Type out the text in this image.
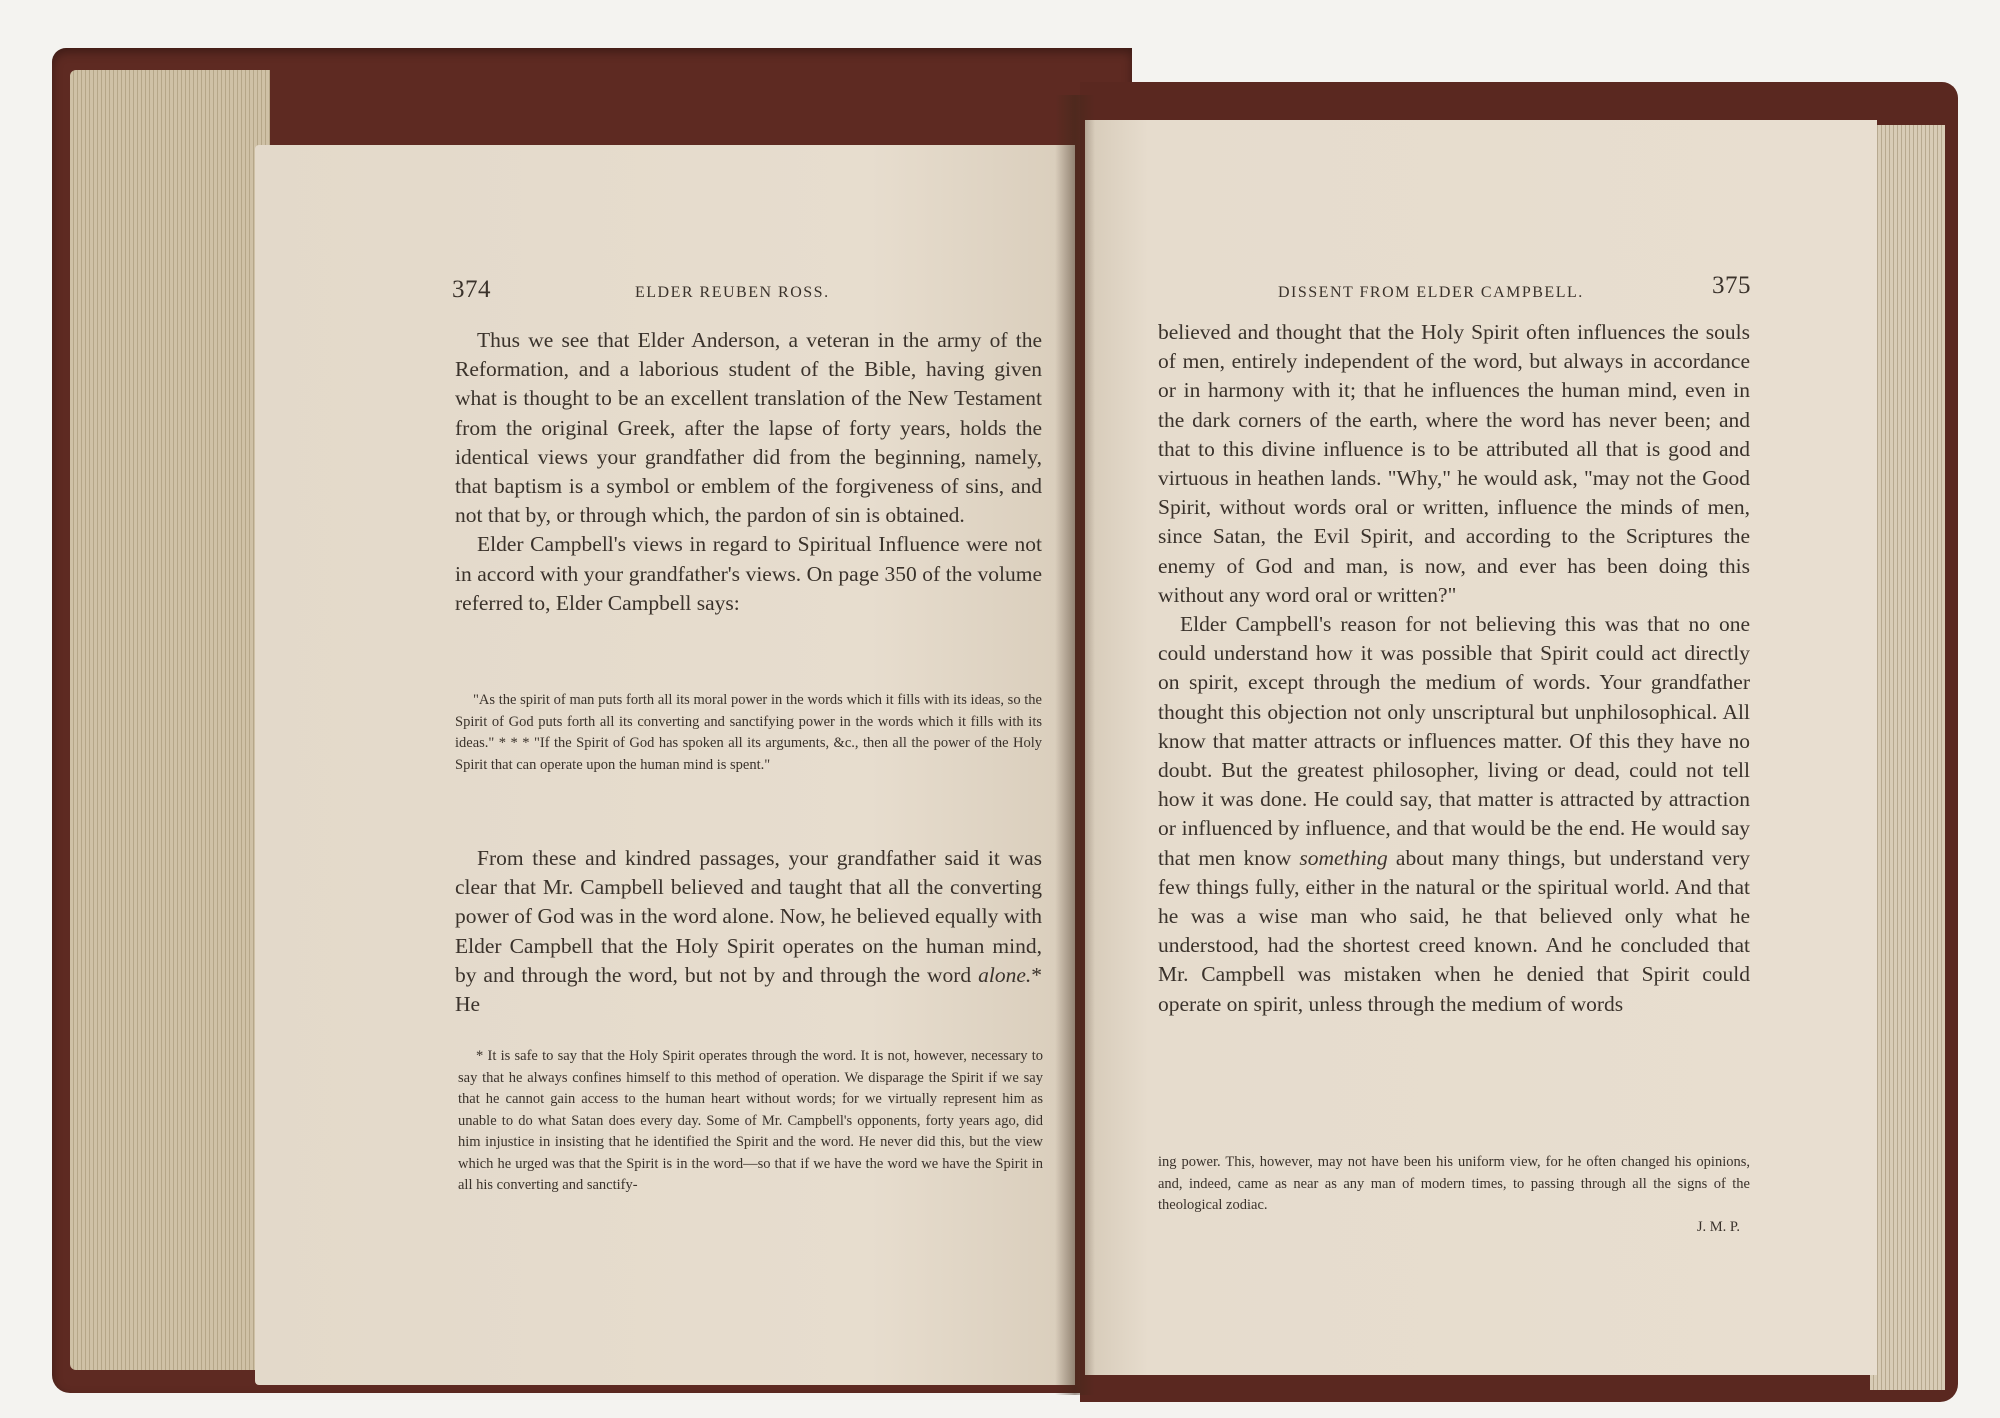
374	ELDER REUBEN ROSS.

Thus we see that Elder Anderson, a veteran in the army of the Reformation, and a laborious student of the Bible, having given what is thought to be an excellent translation of the New Testament from the original Greek, after the lapse of forty years, holds the identical views your grandfather did from the beginning, namely, that baptism is a symbol or emblem of the forgiveness of sins, and not that by, or through which, the pardon of sin is obtained.

Elder Campbell's views in regard to Spiritual Influence were not in accord with your grandfather's views. On page 350 of the volume referred to, Elder Campbell says:

"As the spirit of man puts forth all its moral power in the words which it fills with its ideas, so the Spirit of God puts forth all its converting and sanctifying power in the words which it fills with its ideas." * * * "If the Spirit of God has spoken all its arguments, &c., then all the power of the Holy Spirit that can operate upon the human mind is spent."

From these and kindred passages, your grandfather said it was clear that Mr. Campbell believed and taught that all the converting power of God was in the word alone. Now, he believed equally with Elder Campbell that the Holy Spirit operates on the human mind, by and through the word, but not by and through the word alone.* He

* It is safe to say that the Holy Spirit operates through the word. It is not, however, necessary to say that he always confines himself to this method of operation. We disparage the Spirit if we say that he cannot gain access to the human heart without words; for we virtually represent him as unable to do what Satan does every day. Some of Mr. Campbell's opponents, forty years ago, did him injustice in insisting that he identified the Spirit and the word. He never did this, but the view which he urged was that the Spirit is in the word—so that if we have the word we have the Spirit in all his converting and sanctify-

DISSENT FROM ELDER CAMPBELL.	375

believed and thought that the Holy Spirit often influences the souls of men, entirely independent of the word, but always in accordance or in harmony with it; that he influences the human mind, even in the dark corners of the earth, where the word has never been; and that to this divine influence is to be attributed all that is good and virtuous in heathen lands. "Why," he would ask, "may not the Good Spirit, without words oral or written, influence the minds of men, since Satan, the Evil Spirit, and according to the Scriptures the enemy of God and man, is now, and ever has been doing this without any word oral or written?"

Elder Campbell's reason for not believing this was that no one could understand how it was possible that Spirit could act directly on spirit, except through the medium of words. Your grandfather thought this objection not only unscriptural but unphilosophical. All know that matter attracts or influences matter. Of this they have no doubt. But the greatest philosopher, living or dead, could not tell how it was done. He could say, that matter is attracted by attraction or influenced by influence, and that would be the end. He would say that men know something about many things, but understand very few things fully, either in the natural or the spiritual world. And that he was a wise man who said, he that believed only what he understood, had the shortest creed known. And he concluded that Mr. Campbell was mistaken when he denied that Spirit could operate on spirit, unless through the medium of words

ing power. This, however, may not have been his uniform view, for he often changed his opinions, and, indeed, came as near as any man of modern times, to passing through all the signs of the theological zodiac.

J. M. P.
